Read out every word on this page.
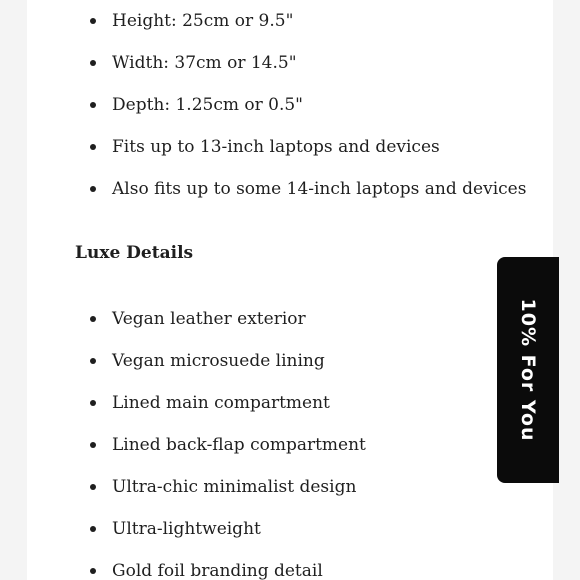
Height: 25cm or 9.5"
Width: 37cm or 14.5"
Depth: 1.25cm or 0.5"
Fits up to 13-inch laptops and devices
Also fits up to some 14-inch laptops and devices
Luxe Details
Vegan leather exterior
Vegan microsuede lining
Lined main compartment
Lined back-flap compartment
Ultra-chic minimalist design
Ultra-lightweight
Gold foil branding detail
10% For You
